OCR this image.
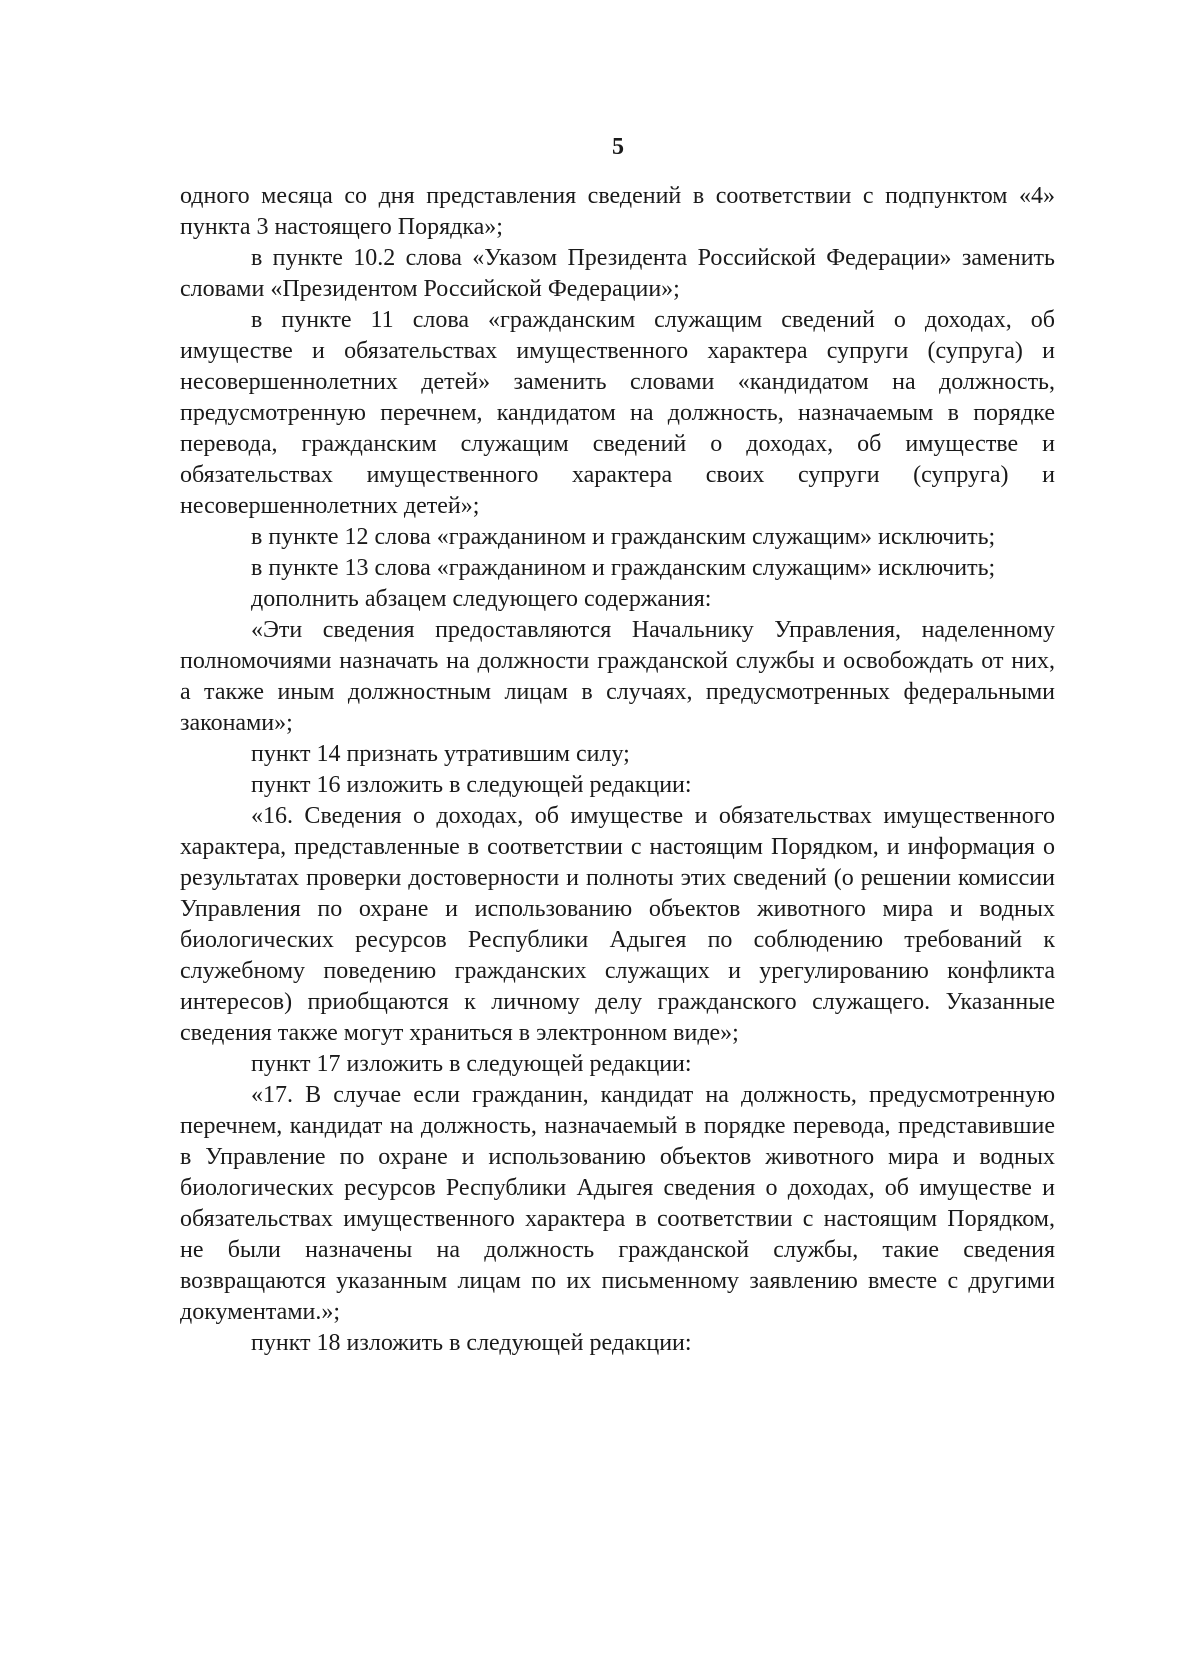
5

одного месяца со дня представления сведений в соответствии с подпунктом «4» пункта 3 настоящего Порядка»;

в пункте 10.2 слова «Указом Президента Российской Федерации» заменить словами «Президентом Российской Федерации»;

в пункте 11 слова «гражданским служащим сведений о доходах, об имуществе и обязательствах имущественного характера супруги (супруга) и несовершеннолетних детей» заменить словами «кандидатом на должность, предусмотренную перечнем, кандидатом на должность, назначаемым в порядке перевода, гражданским служащим сведений о доходах, об имуществе и обязательствах имущественного характера своих супруги (супруга) и несовершеннолетних детей»;

в пункте 12 слова «гражданином и гражданским служащим» исключить;

в пункте 13 слова «гражданином и гражданским служащим» исключить;

дополнить абзацем следующего содержания:

«Эти сведения предоставляются Начальнику Управления, наделенному полномочиями назначать на должности гражданской службы и освобождать от них, а также иным должностным лицам в случаях, предусмотренных федеральными законами»;

пункт 14 признать утратившим силу;

пункт 16 изложить в следующей редакции:

«16. Сведения о доходах, об имуществе и обязательствах имущественного характера, представленные в соответствии с настоящим Порядком, и информация о результатах проверки достоверности и полноты этих сведений (о решении комиссии Управления по охране и использованию объектов животного мира и водных биологических ресурсов Республики Адыгея по соблюдению требований к служебному поведению гражданских служащих и урегулированию конфликта интересов) приобщаются к личному делу гражданского служащего. Указанные сведения также могут храниться в электронном виде»;

пункт 17 изложить в следующей редакции:

«17. В случае если гражданин, кандидат на должность, предусмотренную перечнем, кандидат на должность, назначаемый в порядке перевода, представившие в Управление по охране и использованию объектов животного мира и водных биологических ресурсов Республики Адыгея сведения о доходах, об имуществе и обязательствах имущественного характера в соответствии с настоящим Порядком, не были назначены на должность гражданской службы, такие сведения возвращаются указанным лицам по их письменному заявлению вместе с другими документами.»;

пункт 18 изложить в следующей редакции:
